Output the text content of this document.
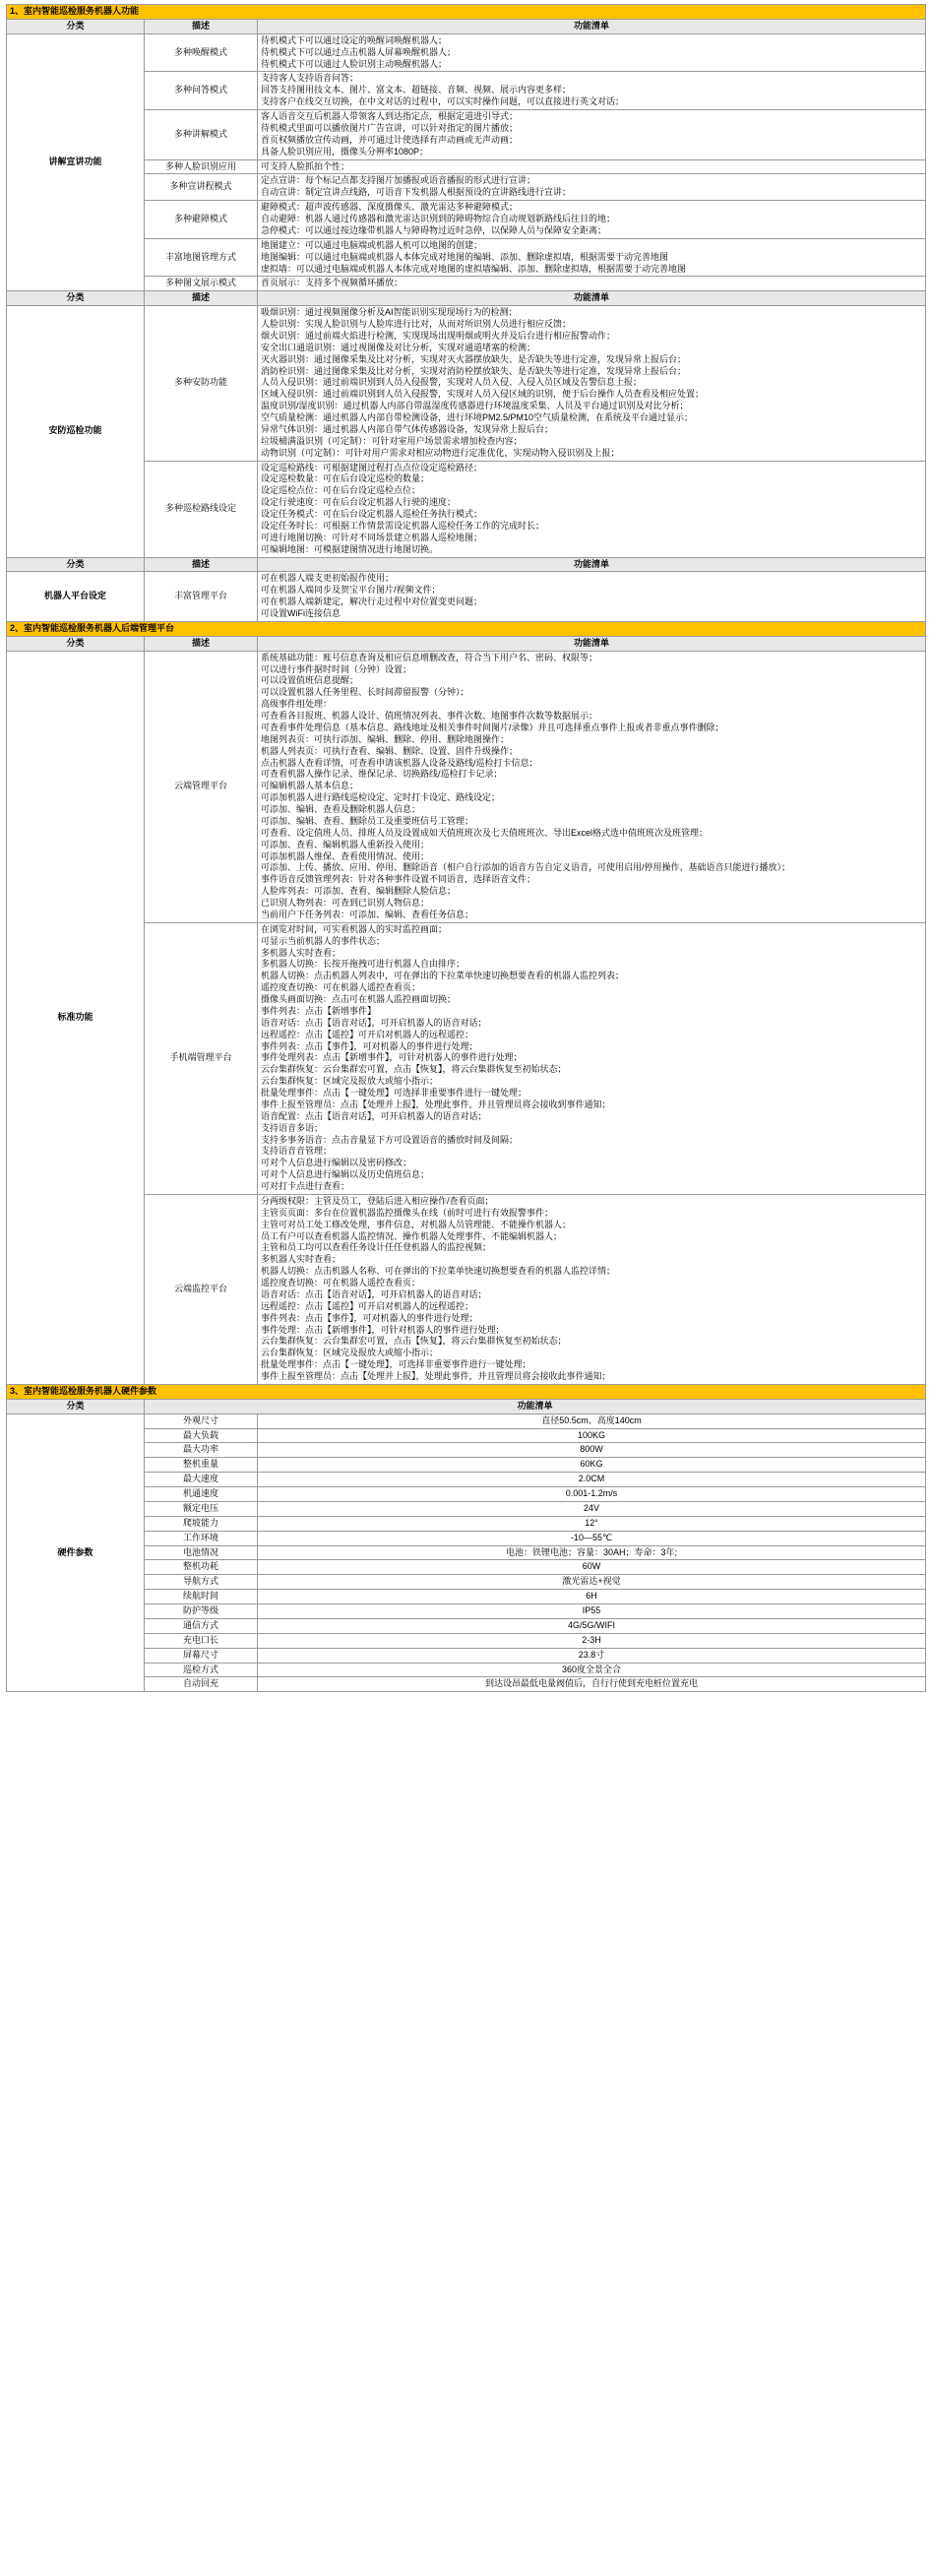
1、室内智能巡检服务机器人功能		
分类	描述	功能清单
讲解宣讲功能	多种唤醒模式	待机模式下可以通过设定的唤醒词唤醒机器人；
待机模式下可以通过点击机器人屏幕唤醒机器人；
待机模式下可以通过人脸识别主动唤醒机器人；

	多种问答模式	支持客人支持语音问答；
回答支持图用技文本、图片、富文本、超链接、音频、视频、展示内容更多样；
支持客户在线交互切换，在中文对话的过程中，可以实时操作问题，可以直接进行英文对话；

	多种讲解模式	客人语音交互后机器人带领客人到达指定点，根据定道进引导式；
待机模式里面可以播放图片广告宣讲，可以针对指定的图片播放；
首页权频播放宣传动画，并可通过计使选择有声动画或无声动画；
具备人脸识别应用，摄像头分辨率1080P；

	多种人脸识别应用	可支持人脸抓拍个性；

	多种宣讲程模式	定点宣讲：每个标记点都支持图片加播报或语音播报的形式进行宣讲；
自动宣讲：制定宣讲点线路，可语音下发机器人根据预设的宣讲路线进行宣讲；

	多种避障模式	避障模式：超声波传感器、深度摄像头、激光雷达多种避障模式；
自动避障：机器人通过传感器和激光雷达识别到的障碍物综合自动规划新路线后往目的地；
急停模式：可以通过按边缘带机器人与障碍物过近时急停，以保障人员与保障安全距离；

	丰富地图管理方式	地图建立：可以通过电脑端或机器人机可以地图的创建；
地图编辑：可以通过电脑端或机器人本体完成对地图的编辑、添加、删除虚拟墙，根据需要于动完善地图
虚拟墙：可以通过电脑端或机器人本体完成对地图的虚拟墙编辑、添加、删除虚拟墙，根据需要于动完善地图

	多种图文展示模式	首页展示：支持多个视频循环播放；

分类	描述	功能清单
安防巡检功能	多种安防功能	
吸烟识别：通过视频图像分析及AI智能识别实现现场行为的检测；
人脸识别：实现人脸识别与人脸库进行比对，从而对所识别人员进行相应反馈；
烟火识别：通过前端火焰进行检测，实现现场出现明烟或明火并及后台进行相应报警动作；
安全出口通道识别：通过视图像及对比分析，实现对通道堵塞的检测；
灭火器识别：通过图像采集及比对分析，实现对灭火器摆放缺失、是否缺失等进行定准，发现异常上报后台；
消防栓识别：通过图像采集及比对分析，实现对消防栓摆放缺失、是否缺失等进行定准，发现异常上报后台；
人员入侵识别：通过前端识别到人员入侵报警，实现对人员入侵、入侵入员区域及告警信息上报；
区域入侵识别：通过前端识别到人员入侵报警，实现对人员入侵区域的识别，便于后台操作人员查看及相应处置；
温度识别/湿度识别：通过机器人内部自带温湿度传感器进行环境温度采集、人员及平台通过识别及对比分析；
空气质量检测：通过机器人内部自带检测设备，进行环境PM2.5/PM10空气质量检测，在系统及平台通过显示；
异常气体识别：通过机器人内部自带气体传感器设备，发现异常上报后台；
垃圾桶满溢识别（可定制）：可针对室用户场景需求增加检查内容；
动物识别（可定制）：可针对用户需求对相应动物进行定准优化，实现动物入侵识别及上报；

多种巡检路线设定	
设定巡检路线：可根据建图过程打点点位设定巡检路径；
设定巡检数量：可在后台设定巡检的数量；
设定巡检点位：可在后台设定巡检点位；
设定行驶速度：可在后台设定机器人行驶的速度；
设定任务模式：可在后台设定机器人巡检任务执行模式；
设定任务时长：可根据工作情景需设定机器人巡检任务工作的完成时长；
可进行地图切换：可针对不同场景建立机器人巡检地图；
可编辑地图：可模据建图情况进行地图切换。

分类	描述	功能清单
机器人平台设定	丰富管理平台	可在机器人端支更初始报作使用；
可在机器人端同步及贺宝平台图片/视频文件；
可在机器人端新建定，解决行走过程中对位置变更问题；
可设置WiFi连接信息

2、室内智能巡检服务机器人后端管理平台		
分类	描述	功能清单
标准功能	云端管理平台	
系统基础功能：账号信息查询及相应信息增删改查，符合当下用户名、密码、权限等；
可以进行事件据时时间（分钟）设置；
可以设置值班信息提醒；
可以设置机器人任务里程、长时间滞留报警（分钟）；
高级事件组处理：
可查看各目报班、机器人设计、值班情况列表、事件次数、地图事件次数等数据展示；
可查看事件处理信息（基本信息、路线地址及相关事件时间图片/录像）并且可选择重点事件上报或者非重点事件删除；
地图列表页：可执行添加、编辑、删除、停用、删除地图操作；
机器人列表页：可执行查看、编辑、删除、设置、固件升级操作；
点击机器人查看详情，可查看申请该机器人设备及路线/巡检打卡信息；
可查看机器人操作记录、维保记录、切换路线/巡检打卡记录；
可编辑机器人基本信息；
可添加机器人进行路线巡检设定、定时打卡设定、路线设定；
可添加、编辑、查看及删除机器人信息；
可添加、编辑、查看、删除员工及重要班信号工管理；
可查看、设定值班人员、排班人员及设置成如天值班班次及七天值班班次、导出Excel格式选中值班班次及班管理；
可添加、查看、编辑机器人重新投入使用；
可添加机器人维保、查看使用情况、使用；
可添加、上传、播放、应用、停用、删除语音（相户自行添加的语音方告自定义语音，可使用启用/停用操作、基础语音只能进行播放）；
事件语音反馈管理列表：针对各种事件设置不同语音，选择语音文件；
人脸库列表：可添加、查看、编辑删除人脸信息；
已识别人物列表：可查到已识别人物信息；
当前用户下任务列表：可添加、编辑、查看任务信息；

手机端管理平台	
在浏览对时间，可实看机器人的实时监控画面；
可显示当前机器人的事件状态；
多机器人实时查看；
多机器人切换：长按开拖拽可进行机器人自由排序；
机器人切换：点击机器人列表中，可在弹出的下拉菜单快速切换想要查看的机器人监控列表；
遥控度查切换：可在机器人遥控查看页；
摄像头画面切换：点击可在机器人监控画面切换；
事件列表：点击【新增事件】
语音对话：点击【语音对话】，可开启机器人的语音对话；
远程遥控：点击【遥控】可开启对机器人的远程遥控；
事件列表：点击【事件】，可对机器人的事件进行处理；
事件处理列表：点击【新增事件】，可针对机器人的事件进行处理；
云台集群恢复：云台集群宏可置，点击【恢复】，将云台集群恢复至初始状态；
云台集群恢复：区域完及报放大或缩小指示；
批量处理事件：点击【一键处理】可选择非重要事件进行一键处理；
事件上报至管理员：点击【处理并上报】，处理此事件，并且管理员将会接收到事件通知；
语音配置：点击【语音对话】，可开启机器人的语音对话；
支持语音多语；
支持多事务语音：点击音量显下方可设置语音的播放时间及间隔；
支持语音音管理；
可对个人信息进行编辑以及密码修改；
可对个人信息进行编辑以及历史值班信息；
可对打卡点进行查看；

云端监控平台	
分两级权限：主管及员工，登陆后进入相应操作/查看页面；
主管页页面：多台在位置机器监控摄像头在线（前时可进行有效报警事件；
主管可对员工处工修改处理，事件信息，对机器人员管理能、不能操作机器人；
员工有户可以查看机器人监控情况、操作机器人处理事件、不能编辑机器人；
主管和员工均可以查看任务设计任任登机器人的监控视频；
多机器人实时查看；
机器人切换：点击机器人名称、可在弹出的下拉菜单快速切换想要查看的机器人监控详情；
遥控度查切换：可在机器人遥控查看页；
语音对话：点击【语音对话】，可开启机器人的语音对话；
远程遥控：点击【遥控】可开启对机器人的远程遥控；
事件列表：点击【事件】，可对机器人的事件进行处理；
事件处理：点击【新增事件】，可针对机器人的事件进行处理；
云台集群恢复：云台集群宏可置，点击【恢复】，将云台集群恢复至初始状态；
云台集群恢复：区域完及报放大或缩小指示；
批量处理事件：点击【一键处理】，可选择非重要事件进行一键处理；
事件上报至管理员：点击【处理并上报】，处理此事件，并且管理员将会接收此事件通知；

3、室内智能巡检服务机器人硬件参数		
分类	功能清单	
硬件参数	外观尺寸	直径50.5cm、高度140cm
	最大负载	100KG
	最大功率	800W
	整机重量	60KG
	最大速度	2.0CM
	机通速度	0.001-1.2m/s
	额定电压	24V
	爬坡能力	12°
	工作环境	-10—55℃
	电池情况	电池：铁锂电池；容量：30AH；寿命：3年;
	整机功耗	60W
	导航方式	激光雷达+视觉
	续航时间	6H
	防护等级	IP55
	通信方式	4G/5G/WIFI
	充电口长	2-3H
	屏幕尺寸	23.8寸
	巡检方式	360度全景全合
	自动回充	到达设昂最低电量阀值后，自行行使到充电桩位置充电
